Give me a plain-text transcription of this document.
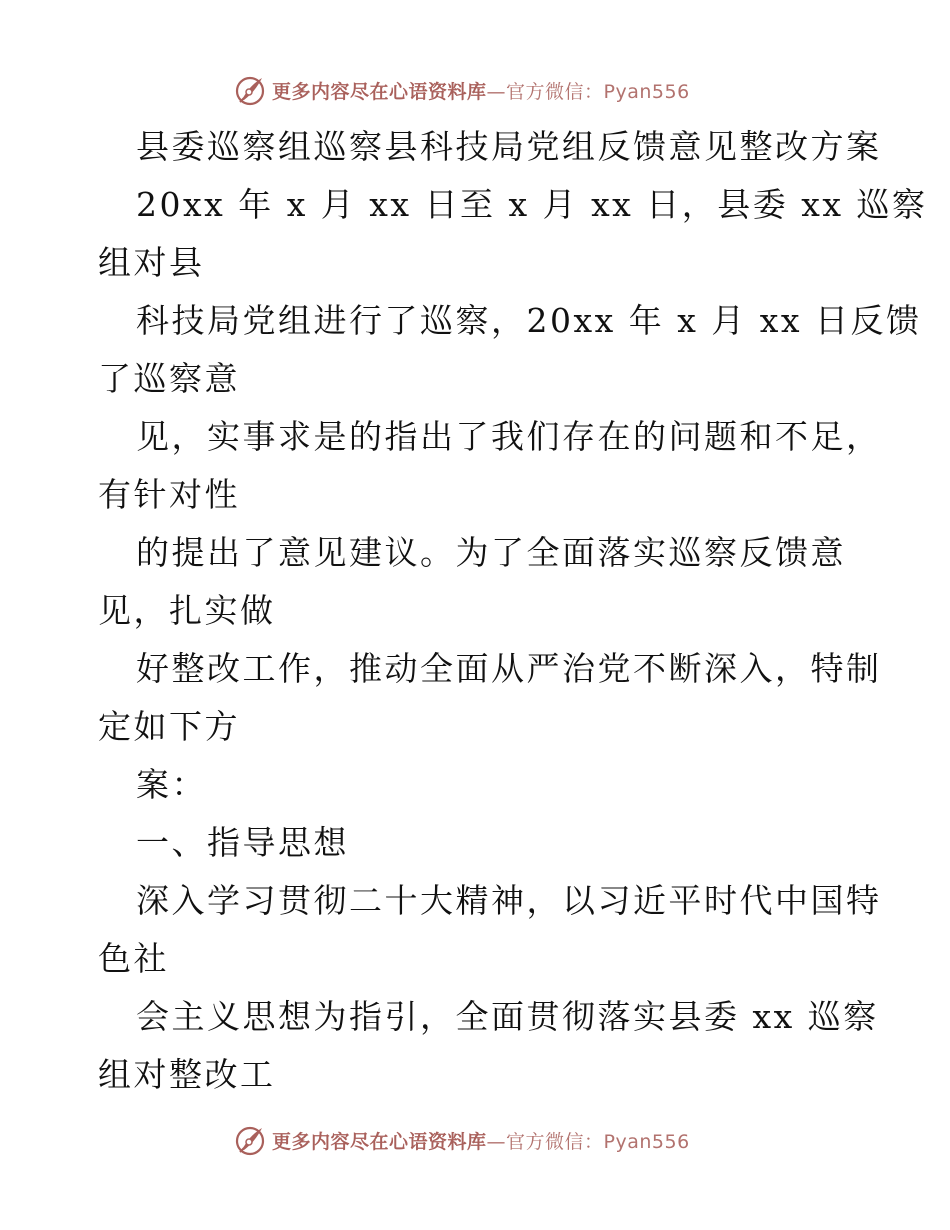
更多内容尽在心语资料库—官方微信：Pyan556
县委巡察组巡察县科技局党组反馈意见整改方案
20xx 年 x 月 xx 日至 x 月 xx 日，县委 xx 巡察
组对县
科技局党组进行了巡察，20xx 年 x 月 xx 日反馈
了巡察意
见，实事求是的指出了我们存在的问题和不足，
有针对性
的提出了意见建议。为了全面落实巡察反馈意
见，扎实做
好整改工作，推动全面从严治党不断深入，特制
定如下方
案：
一、指导思想
深入学习贯彻二十大精神，以习近平时代中国特
色社
会主义思想为指引，全面贯彻落实县委 xx 巡察
组对整改工
更多内容尽在心语资料库—官方微信：Pyan556
